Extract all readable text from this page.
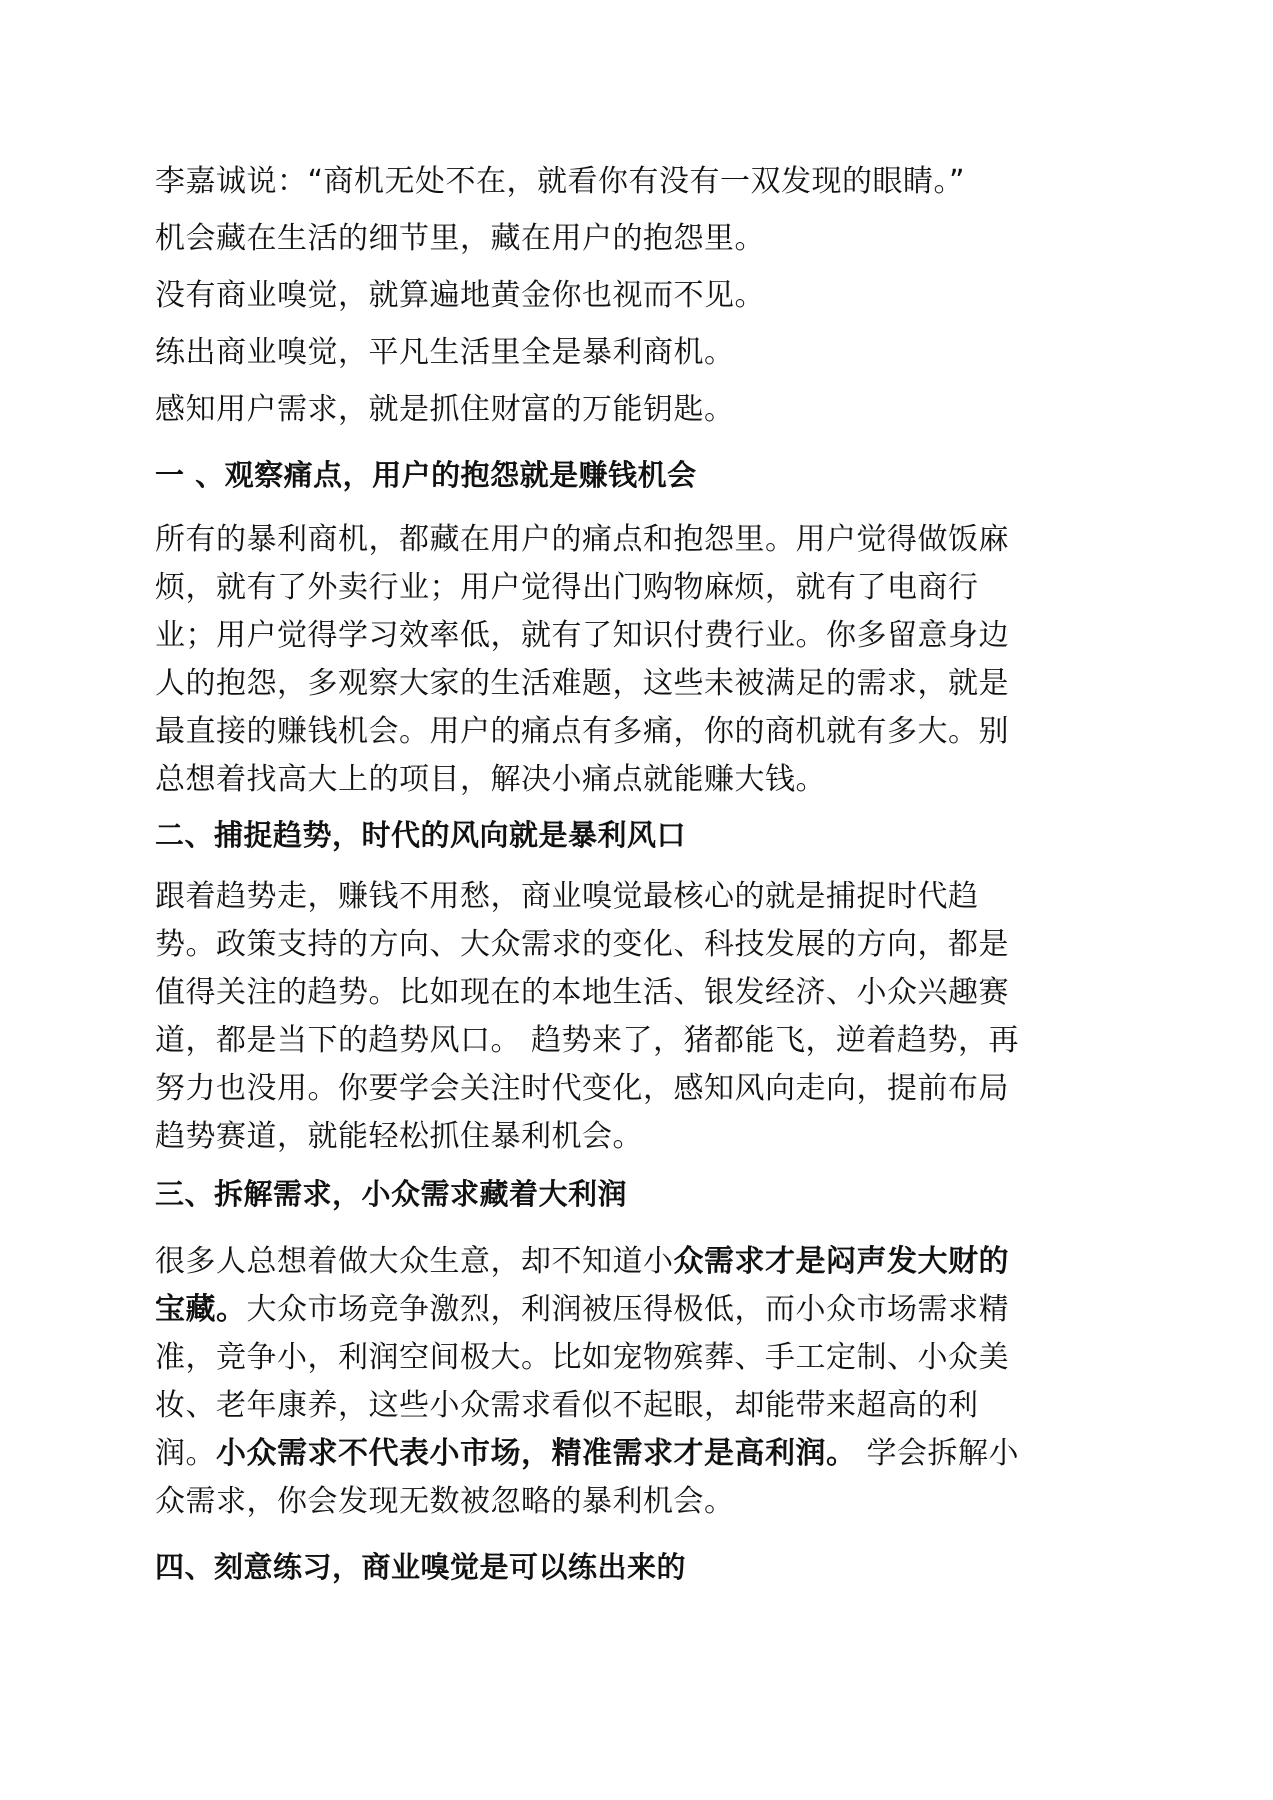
李嘉诚说：“商机无处不在，就看你有没有一双发现的眼睛。”

机会藏在生活的细节里，藏在用户的抱怨里。

没有商业嗅觉，就算遍地黄金你也视而不见。

练出商业嗅觉，平凡生活里全是暴利商机。

感知用户需求，就是抓住财富的万能钥匙。

一 、观察痛点，用户的抱怨就是赚钱机会

所有的暴利商机，都藏在用户的痛点和抱怨里。用户觉得做饭麻

烦，就有了外卖行业；用户觉得出门购物麻烦，就有了电商行

业；用户觉得学习效率低，就有了知识付费行业。你多留意身边

人的抱怨，多观察大家的生活难题，这些未被满足的需求，就是

最直接的赚钱机会。用户的痛点有多痛，你的商机就有多大。别

总想着找高大上的项目，解决小痛点就能赚大钱。

二、捕捉趋势，时代的风向就是暴利风口

跟着趋势走，赚钱不用愁，商业嗅觉最核心的就是捕捉时代趋

势。政策支持的方向、大众需求的变化、科技发展的方向，都是

值得关注的趋势。比如现在的本地生活、银发经济、小众兴趣赛

道，都是当下的趋势风口。 趋势来了，猪都能飞，逆着趋势，再

努力也没用。你要学会关注时代变化，感知风向走向，提前布局

趋势赛道，就能轻松抓住暴利机会。

三、拆解需求，小众需求藏着大利润

很多人总想着做大众生意，却不知道小众需求才是闷声发大财的

宝藏。大众市场竞争激烈，利润被压得极低，而小众市场需求精

准，竞争小，利润空间极大。比如宠物殡葬、手工定制、小众美

妆、老年康养，这些小众需求看似不起眼，却能带来超高的利

润。小众需求不代表小市场，精准需求才是高利润。 学会拆解小

众需求，你会发现无数被忽略的暴利机会。

四、刻意练习，商业嗅觉是可以练出来的
